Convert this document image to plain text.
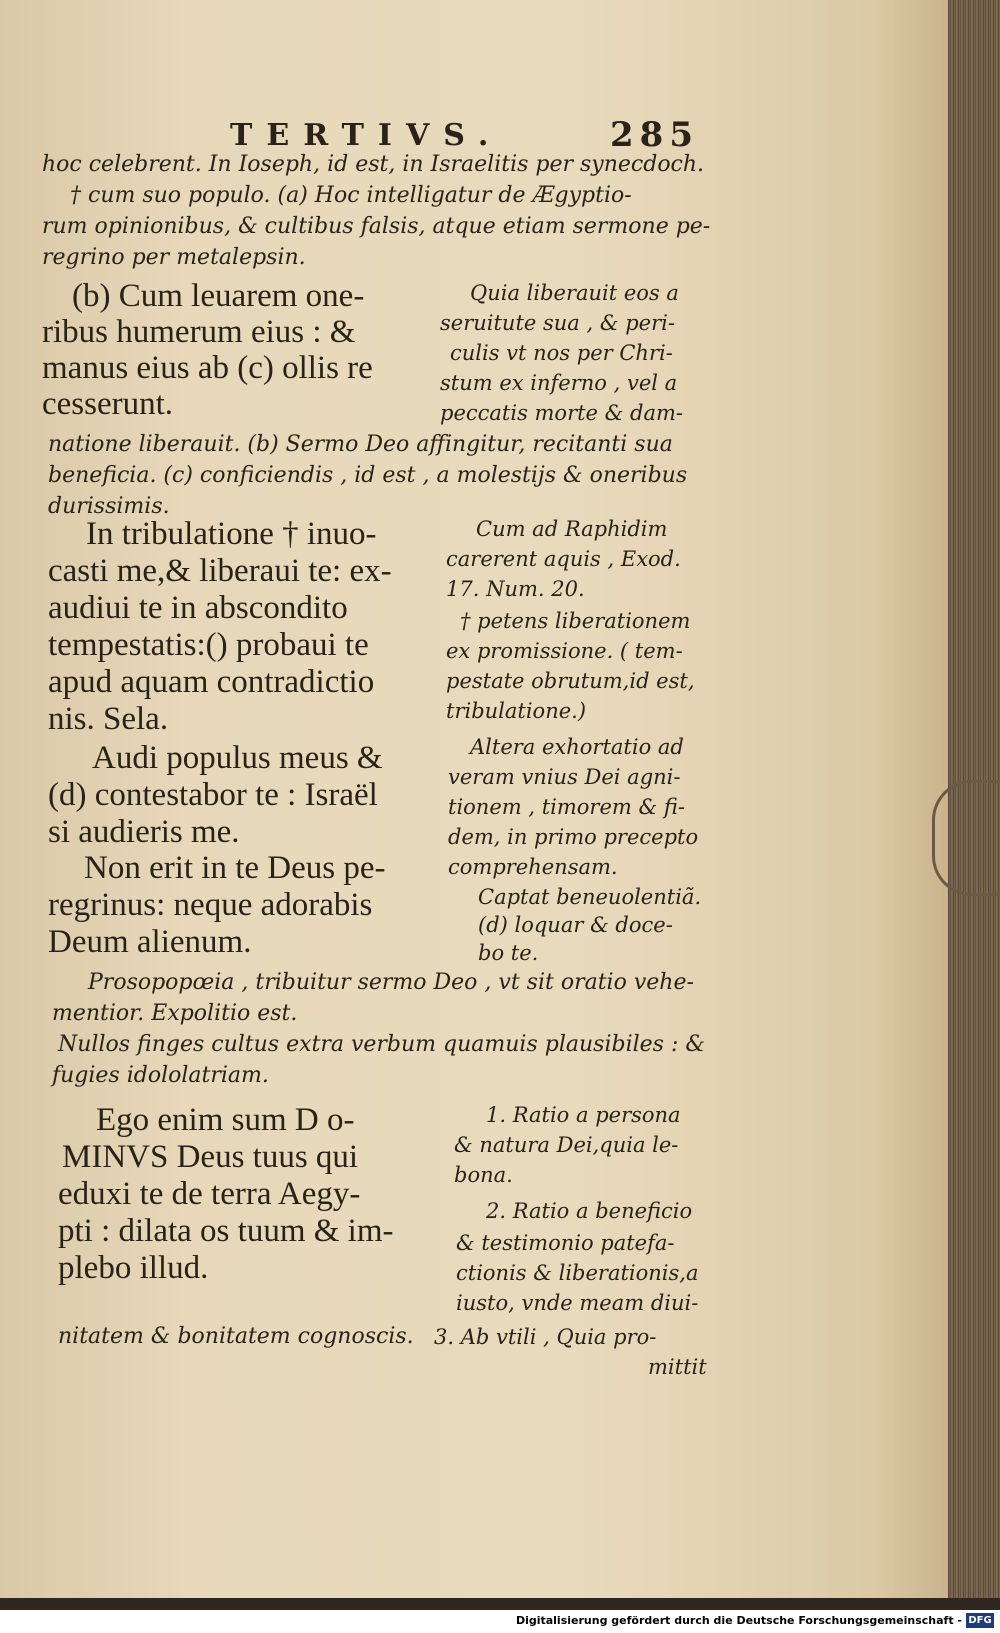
TERTIVS.	285
hoc celebrent. In Ioseph, id est, in Israelitis per synecdoch.
† cum suo populo. (a) Hoc intelligatur de Ægyptio-
rum opinionibus, & cultibus falsis, atque etiam sermone pe-
regrino per metalepsin.
(b) Cum leuarem one-
ribus humerum eius : &
manus eius ab (c) ollis re
cesserunt.
Quia liberauit eos a
seruitute sua , & peri-
culis vt nos per Chri-
stum ex inferno , vel a
peccatis morte & dam-
natione liberauit. (b) Sermo Deo affingitur, recitanti sua
beneficia. (c) conficiendis , id est , a molestijs & oneribus
durissimis.
In tribulatione † inuo-
casti me,& liberaui te: ex-
audiui te in abscondito
tempestatis:() probaui te
apud aquam contradictio
nis. Sela.
Cum ad Raphidim
carerent aquis , Exod.
17. Num. 20.
† petens liberationem
ex promissione. ( tem-
pestate obrutum,id est,
tribulatione.)
Audi populus meus &
(d) contestabor te : Israël
si audieris me.
Altera exhortatio ad
veram vnius Dei agni-
tionem , timorem & fi-
dem, in primo precepto
comprehensam.
Non erit in te Deus pe-
regrinus: neque adorabis
Deum alienum.
Captat beneuolentiã.
(d) loquar & doce-
bo te.
Prosopopœia , tribuitur sermo Deo , vt sit oratio vehe-
mentior. Expolitio est.
Nullos finges cultus extra verbum quamuis plausibiles : &
fugies idololatriam.
Ego enim sum D o-
MINVS Deus tuus qui
eduxi te de terra Aegy-
pti : dilata os tuum & im-
plebo illud.
1. Ratio a persona
& natura Dei,quia le-
bona.
2. Ratio a beneficio
& testimonio patefa-
ctionis & liberationis,a
iusto, vnde meam diui-
nitatem & bonitatem cognoscis. 3. Ab vtili , Quia pro-
mittit
Digitalisierung gefördert durch die Deutsche Forschungsgemeinschaft - DFG
